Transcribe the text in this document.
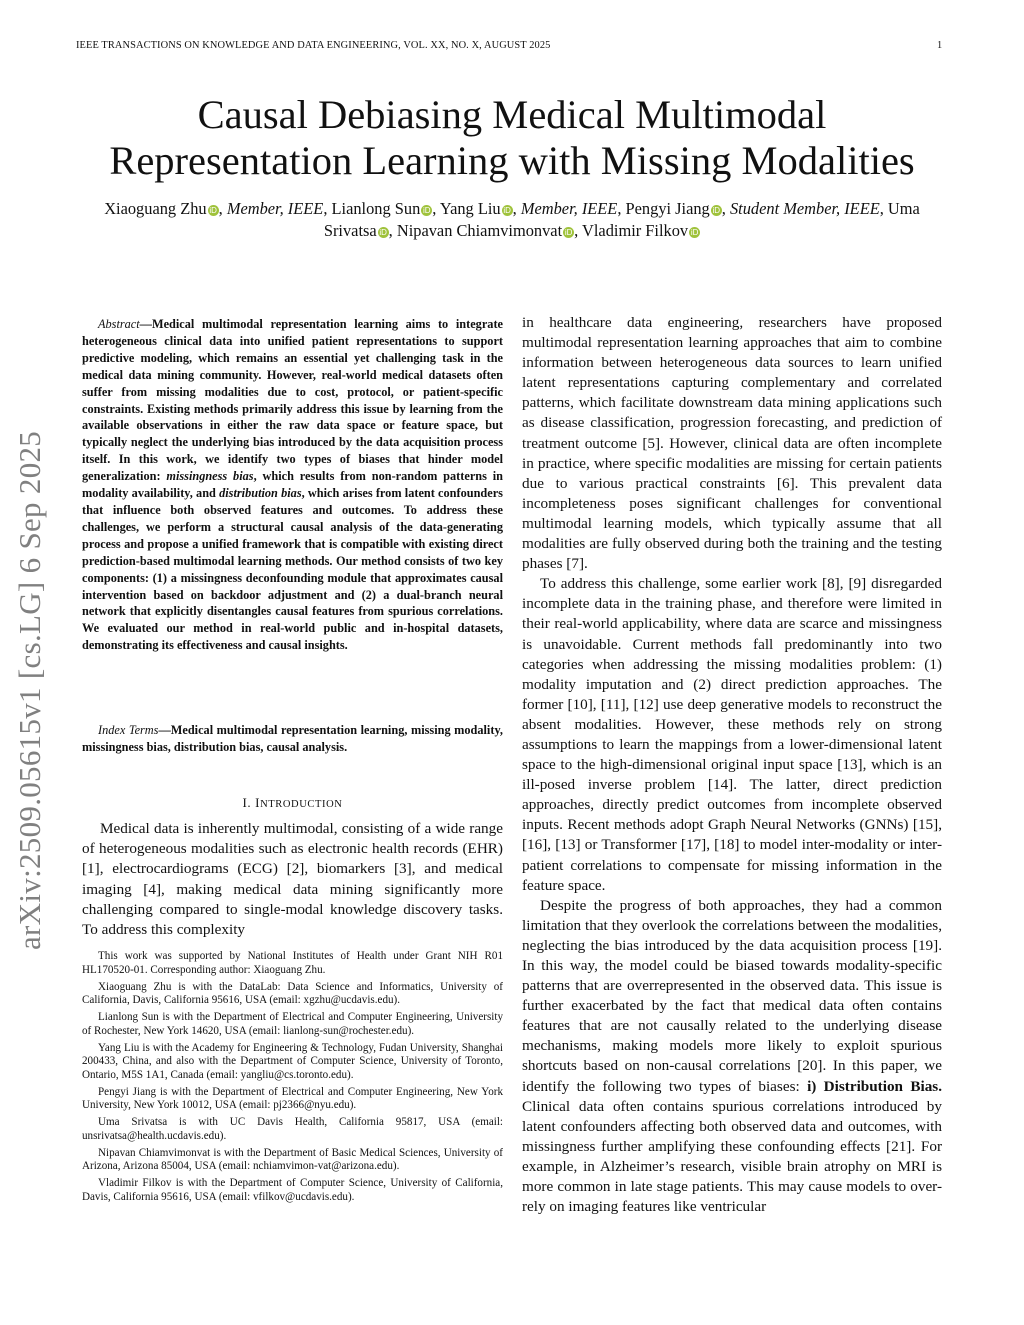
IEEE TRANSACTIONS ON KNOWLEDGE AND DATA ENGINEERING, VOL. XX, NO. X, AUGUST 2025	1
Causal Debiasing Medical Multimodal
Representation Learning with Missing Modalities
Xiaoguang Zhu iD , Member, IEEE, Lianlong Sun iD , Yang Liu iD , Member, IEEE, Pengyi Jiang iD , Student Member, IEEE, Uma Srivatsa iD , Nipavan Chiamvimonvat iD , Vladimir Filkov iD
arXiv:2509.05615v1 [cs.LG] 6 Sep 2025

Abstract—Medical multimodal representation learning aims to integrate heterogeneous clinical data into unified patient representations to support predictive modeling, which remains an essential yet challenging task in the medical data mining community. However, real-world medical datasets often suffer from missing modalities due to cost, protocol, or patient-specific constraints. Existing methods primarily address this issue by learning from the available observations in either the raw data space or feature space, but typically neglect the underlying bias introduced by the data acquisition process itself. In this work, we identify two types of biases that hinder model generalization: missingness bias, which results from non-random patterns in modality availability, and distribution bias, which arises from latent confounders that influence both observed features and outcomes. To address these challenges, we perform a structural causal analysis of the data-generating process and propose a unified framework that is compatible with existing direct prediction-based multimodal learning methods. Our method consists of two key components: (1) a missingness deconfounding module that approximates causal intervention based on backdoor adjustment and (2) a dual-branch neural network that explicitly disentangles causal features from spurious correlations. We evaluated our method in real-world public and in-hospital datasets, demonstrating its effectiveness and causal insights.

Index Terms—Medical multimodal representation learning, missing modality, missingness bias, distribution bias, causal analysis.

I. INTRODUCTION

Medical data is inherently multimodal, consisting of a wide range of heterogeneous modalities such as electronic health records (EHR) [1], electrocardiograms (ECG) [2], biomarkers [3], and medical imaging [4], making medical data mining significantly more challenging compared to single-modal knowledge discovery tasks. To address this complexity

This work was supported by National Institutes of Health under Grant NIH R01 HL170520-01. Corresponding author: Xiaoguang Zhu.

Xiaoguang Zhu is with the DataLab: Data Science and Informatics, University of California, Davis, California 95616, USA (email: xgzhu@ucdavis.edu).

Lianlong Sun is with the Department of Electrical and Computer Engineering, University of Rochester, New York 14620, USA (email: lianlong-sun@rochester.edu).

Yang Liu is with the Academy for Engineering & Technology, Fudan University, Shanghai 200433, China, and also with the Department of Computer Science, University of Toronto, Ontario, M5S 1A1, Canada (email: yangliu@cs.toronto.edu).

Pengyi Jiang is with the Department of Electrical and Computer Engineering, New York University, New York 10012, USA (email: pj2366@nyu.edu).

Uma Srivatsa is with UC Davis Health, California 95817, USA (email: unsrivatsa@health.ucdavis.edu).

Nipavan Chiamvimonvat is with the Department of Basic Medical Sciences, University of Arizona, Arizona 85004, USA (email: nchiamvimon-vat@arizona.edu).

Vladimir Filkov is with the Department of Computer Science, University of California, Davis, California 95616, USA (email: vfilkov@ucdavis.edu).

in healthcare data engineering, researchers have proposed multimodal representation learning approaches that aim to combine information between heterogeneous data sources to learn unified latent representations capturing complementary and correlated patterns, which facilitate downstream data mining applications such as disease classification, progression forecasting, and prediction of treatment outcome [5]. However, clinical data are often incomplete in practice, where specific modalities are missing for certain patients due to various practical constraints [6]. This prevalent data incompleteness poses significant challenges for conventional multimodal learning models, which typically assume that all modalities are fully observed during both the training and the testing phases [7].

To address this challenge, some earlier work [8], [9] disregarded incomplete data in the training phase, and therefore were limited in their real-world applicability, where data are scarce and missingness is unavoidable. Current methods fall predominantly into two categories when addressing the missing modalities problem: (1) modality imputation and (2) direct prediction approaches. The former [10], [11], [12] use deep generative models to reconstruct the absent modalities. However, these methods rely on strong assumptions to learn the mappings from a lower-dimensional latent space to the high-dimensional original input space [13], which is an ill-posed inverse problem [14]. The latter, direct prediction approaches, directly predict outcomes from incomplete observed inputs. Recent methods adopt Graph Neural Networks (GNNs) [15], [16], [13] or Transformer [17], [18] to model inter-modality or inter-patient correlations to compensate for missing information in the feature space.

Despite the progress of both approaches, they had a common limitation that they overlook the correlations between the modalities, neglecting the bias introduced by the data acquisition process [19]. In this way, the model could be biased towards modality-specific patterns that are overrepresented in the observed data. This issue is further exacerbated by the fact that medical data often contains features that are not causally related to the underlying disease mechanisms, making models more likely to exploit spurious shortcuts based on non-causal correlations [20]. In this paper, we identify the following two types of biases: i) Distribution Bias. Clinical data often contains spurious correlations introduced by latent confounders affecting both observed data and outcomes, with missingness further amplifying these confounding effects [21]. For example, in Alzheimer’s research, visible brain atrophy on MRI is more common in late stage patients. This may cause models to over-rely on imaging features like ventricular
